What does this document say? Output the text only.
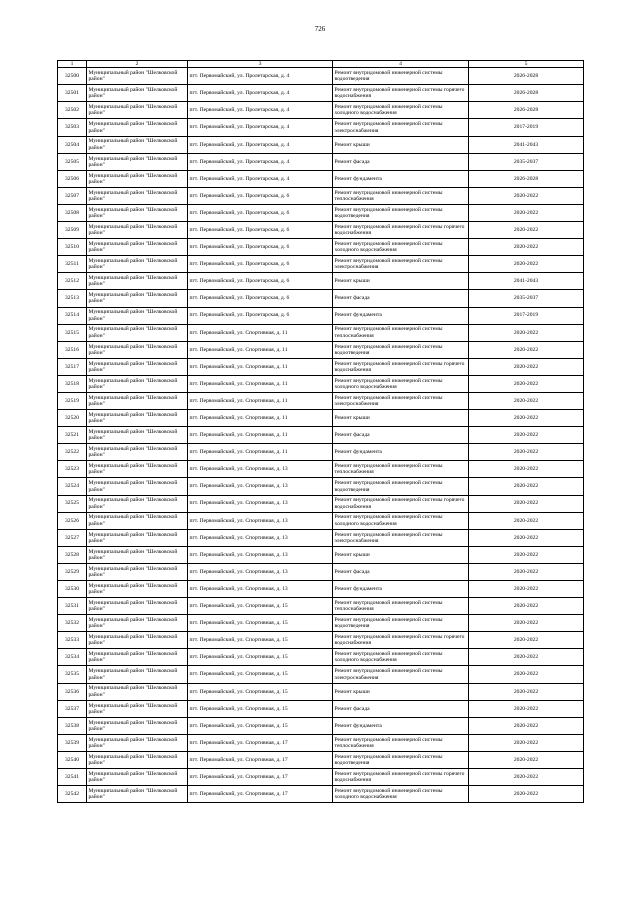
726
1	2	3	4	5
32500	Муниципальный район "Шелковской район"	пгт. Первомайский, ул. Пролетарская, д. 4	Ремонт внутридомовой инженерной системы водоотведения	2026-2028
32501	Муниципальный район "Шелковской район"	пгт. Первомайский, ул. Пролетарская, д. 4	Ремонт внутридомовой инженерной системы горячего водоснабжения	2026-2028
32502	Муниципальный район "Шелковской район"	пгт. Первомайский, ул. Пролетарская, д. 4	Ремонт внутридомовой инженерной системы холодного водоснабжения	2026-2028
32503	Муниципальный район "Шелковской район"	пгт. Первомайский, ул. Пролетарская, д. 4	Ремонт внутридомовой инженерной системы электроснабжения	2017-2019
32504	Муниципальный район "Шелковской район"	пгт. Первомайский, ул. Пролетарская, д. 4	Ремонт крыши	2041-2043
32505	Муниципальный район "Шелковской район"	пгт. Первомайский, ул. Пролетарская, д. 4	Ремонт фасада	2035-2037
32506	Муниципальный район "Шелковской район"	пгт. Первомайский, ул. Пролетарская, д. 4	Ремонт фундамента	2026-2028
32507	Муниципальный район "Шелковской район"	пгт. Первомайский, ул. Пролетарская, д. 6	Ремонт внутридомовой инженерной системы теплоснабжения	2020-2022
32508	Муниципальный район "Шелковской район"	пгт. Первомайский, ул. Пролетарская, д. 6	Ремонт внутридомовой инженерной системы водоотведения	2020-2022
32509	Муниципальный район "Шелковской район"	пгт. Первомайский, ул. Пролетарская, д. 6	Ремонт внутридомовой инженерной системы горячего водоснабжения	2020-2022
32510	Муниципальный район "Шелковской район"	пгт. Первомайский, ул. Пролетарская, д. 6	Ремонт внутридомовой инженерной системы холодного водоснабжения	2020-2022
32511	Муниципальный район "Шелковской район"	пгт. Первомайский, ул. Пролетарская, д. 6	Ремонт внутридомовой инженерной системы электроснабжения	2020-2022
32512	Муниципальный район "Шелковской район"	пгт. Первомайский, ул. Пролетарская, д. 6	Ремонт крыши	2041-2043
32513	Муниципальный район "Шелковской район"	пгт. Первомайский, ул. Пролетарская, д. 6	Ремонт фасада	2035-2037
32514	Муниципальный район "Шелковской район"	пгт. Первомайский, ул. Пролетарская, д. 6	Ремонт фундамента	2017-2019
32515	Муниципальный район "Шелковской район"	пгт. Первомайский, ул. Спортивная, д. 11	Ремонт внутридомовой инженерной системы теплоснабжения	2020-2022
32516	Муниципальный район "Шелковской район"	пгт. Первомайский, ул. Спортивная, д. 11	Ремонт внутридомовой инженерной системы водоотведения	2020-2022
32517	Муниципальный район "Шелковской район"	пгт. Первомайский, ул. Спортивная, д. 11	Ремонт внутридомовой инженерной системы горячего водоснабжения	2020-2022
32518	Муниципальный район "Шелковской район"	пгт. Первомайский, ул. Спортивная, д. 11	Ремонт внутридомовой инженерной системы холодного водоснабжения	2020-2022
32519	Муниципальный район "Шелковской район"	пгт. Первомайский, ул. Спортивная, д. 11	Ремонт внутридомовой инженерной системы электроснабжения	2020-2022
32520	Муниципальный район "Шелковской район"	пгт. Первомайский, ул. Спортивная, д. 11	Ремонт крыши	2020-2022
32521	Муниципальный район "Шелковской район"	пгт. Первомайский, ул. Спортивная, д. 11	Ремонт фасада	2020-2022
32522	Муниципальный район "Шелковской район"	пгт. Первомайский, ул. Спортивная, д. 11	Ремонт фундамента	2020-2022
32523	Муниципальный район "Шелковской район"	пгт. Первомайский, ул. Спортивная, д. 13	Ремонт внутридомовой инженерной системы теплоснабжения	2020-2022
32524	Муниципальный район "Шелковской район"	пгт. Первомайский, ул. Спортивная, д. 13	Ремонт внутридомовой инженерной системы водоотведения	2020-2022
32525	Муниципальный район "Шелковской район"	пгт. Первомайский, ул. Спортивная, д. 13	Ремонт внутридомовой инженерной системы горячего водоснабжения	2020-2022
32526	Муниципальный район "Шелковской район"	пгт. Первомайский, ул. Спортивная, д. 13	Ремонт внутридомовой инженерной системы холодного водоснабжения	2020-2022
32527	Муниципальный район "Шелковской район"	пгт. Первомайский, ул. Спортивная, д. 13	Ремонт внутридомовой инженерной системы электроснабжения	2020-2022
32528	Муниципальный район "Шелковской район"	пгт. Первомайский, ул. Спортивная, д. 13	Ремонт крыши	2020-2022
32529	Муниципальный район "Шелковской район"	пгт. Первомайский, ул. Спортивная, д. 13	Ремонт фасада	2020-2022
32530	Муниципальный район "Шелковской район"	пгт. Первомайский, ул. Спортивная, д. 13	Ремонт фундамента	2020-2022
32531	Муниципальный район "Шелковской район"	пгт. Первомайский, ул. Спортивная, д. 15	Ремонт внутридомовой инженерной системы теплоснабжения	2020-2022
32532	Муниципальный район "Шелковской район"	пгт. Первомайский, ул. Спортивная, д. 15	Ремонт внутридомовой инженерной системы водоотведения	2020-2022
32533	Муниципальный район "Шелковской район"	пгт. Первомайский, ул. Спортивная, д. 15	Ремонт внутридомовой инженерной системы горячего водоснабжения	2020-2022
32534	Муниципальный район "Шелковской район"	пгт. Первомайский, ул. Спортивная, д. 15	Ремонт внутридомовой инженерной системы холодного водоснабжения	2020-2022
32535	Муниципальный район "Шелковской район"	пгт. Первомайский, ул. Спортивная, д. 15	Ремонт внутридомовой инженерной системы электроснабжения	2020-2022
32536	Муниципальный район "Шелковской район"	пгт. Первомайский, ул. Спортивная, д. 15	Ремонт крыши	2020-2022
32537	Муниципальный район "Шелковской район"	пгт. Первомайский, ул. Спортивная, д. 15	Ремонт фасада	2020-2022
32538	Муниципальный район "Шелковской район"	пгт. Первомайский, ул. Спортивная, д. 15	Ремонт фундамента	2020-2022
32539	Муниципальный район "Шелковской район"	пгт. Первомайский, ул. Спортивная, д. 17	Ремонт внутридомовой инженерной системы теплоснабжения	2020-2022
32540	Муниципальный район "Шелковской район"	пгт. Первомайский, ул. Спортивная, д. 17	Ремонт внутридомовой инженерной системы водоотведения	2020-2022
32541	Муниципальный район "Шелковской район"	пгт. Первомайский, ул. Спортивная, д. 17	Ремонт внутридомовой инженерной системы горячего водоснабжения	2020-2022
32542	Муниципальный район "Шелковской район"	пгт. Первомайский, ул. Спортивная, д. 17	Ремонт внутридомовой инженерной системы холодного водоснабжения	2020-2022
